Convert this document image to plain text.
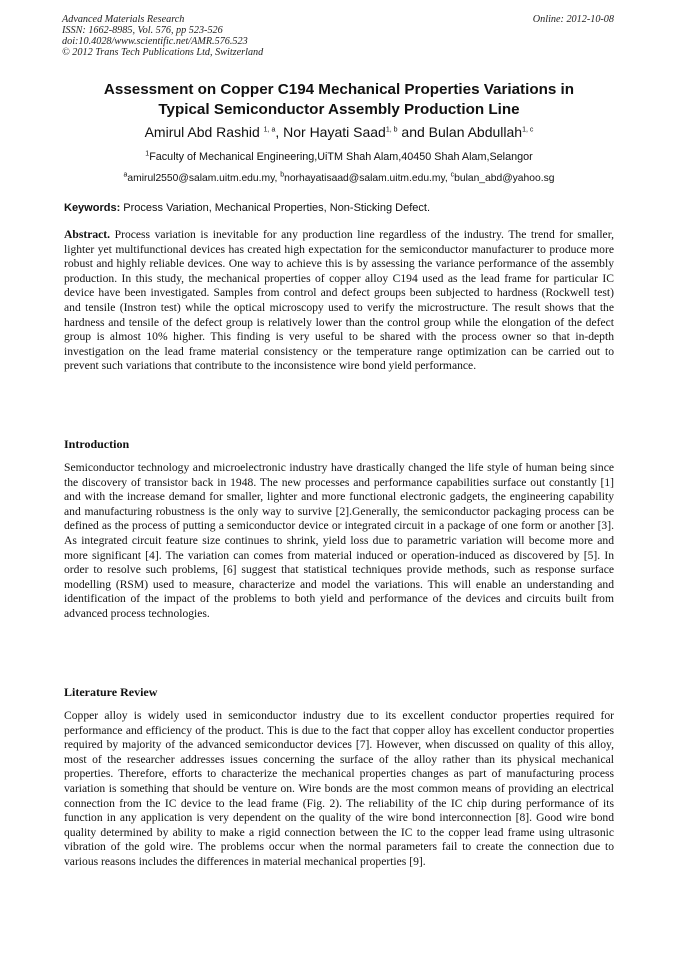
Advanced Materials Research
ISSN: 1662-8985, Vol. 576, pp 523-526
doi:10.4028/www.scientific.net/AMR.576.523
© 2012 Trans Tech Publications Ltd, Switzerland
Online: 2012-10-08
Assessment on Copper C194 Mechanical Properties Variations in
Typical Semiconductor Assembly Production Line
Amirul Abd Rashid $^{1, a}$, Nor Hayati Saad$^{1, b}$ and Bulan Abdullah$^{1, c}$
$^1$Faculty of Mechanical Engineering,UiTM Shah Alam,40450 Shah Alam,Selangor
$^a$amirul2550@salam.uitm.edu.my, $^b$norhayatisaad@salam.uitm.edu.my, $^c$bulan_abd@yahoo.sg
Keywords: Process Variation, Mechanical Properties, Non-Sticking Defect.
Abstract. Process variation is inevitable for any production line regardless of the industry. The trend for smaller, lighter yet multifunctional devices has created high expectation for the semiconductor manufacturer to produce more robust and highly reliable devices. One way to achieve this is by assessing the variance performance of the assembly production. In this study, the mechanical properties of copper alloy C194 used as the lead frame for particular IC device have been investigated. Samples from control and defect groups been subjected to hardness (Rockwell test) and tensile (Instron test) while the optical microscopy used to verify the microstructure. The result shows that the hardness and tensile of the defect group is relatively lower than the control group while the elongation of the defect group is almost 10% higher. This finding is very useful to be shared with the process owner so that in-depth investigation on the lead frame material consistency or the temperature range optimization can be carried out to prevent such variations that contribute to the inconsistence wire bond yield performance.
Introduction
Semiconductor technology and microelectronic industry have drastically changed the life style of human being since the discovery of transistor back in 1948. The new processes and performance capabilities surface out constantly [1] and with the increase demand for smaller, lighter and more functional electronic gadgets, the engineering capability and manufacturing robustness is the only way to survive [2].Generally, the semiconductor packaging process can be defined as the process of putting a semiconductor device or integrated circuit in a package of one form or another [3]. As integrated circuit feature size continues to shrink, yield loss due to parametric variation will become more and more significant [4]. The variation can comes from material induced or operation-induced as discovered by [5]. In order to resolve such problems, [6] suggest that statistical techniques provide methods, such as response surface modelling (RSM) used to measure, characterize and model the variations. This will enable an understanding and identification of the impact of the problems to both yield and performance of the devices and circuits built from advanced process technologies.
Literature Review
Copper alloy is widely used in semiconductor industry due to its excellent conductor properties required for performance and efficiency of the product. This is due to the fact that copper alloy has excellent conductor properties required by majority of the advanced semiconductor devices [7]. However, when discussed on quality of this alloy, most of the researcher addresses issues concerning the surface of the alloy rather than its physical mechanical properties. Therefore, efforts to characterize the mechanical properties changes as part of manufacturing process variation is something that should be venture on. Wire bonds are the most common means of providing an electrical connection from the IC device to the lead frame (Fig. 2). The reliability of the IC chip during performance of its function in any application is very dependent on the quality of the wire bond interconnection [8]. Good wire bond quality determined by ability to make a rigid connection between the IC to the copper lead frame using ultrasonic vibration of the gold wire. The problems occur when the normal parameters fail to create the connection due to various reasons includes the differences in material mechanical properties [9].
